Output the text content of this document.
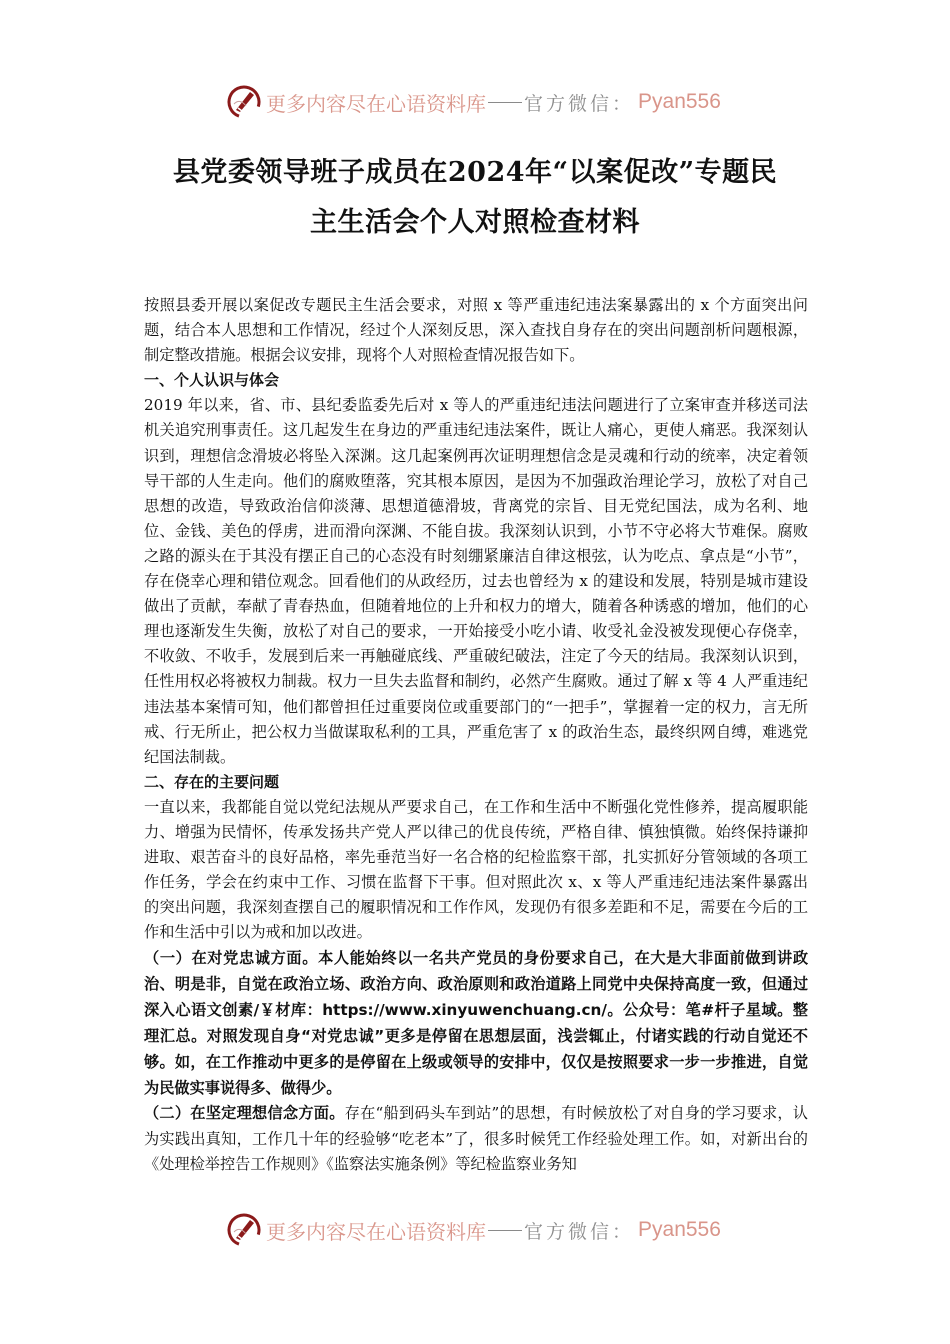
更多内容尽在心语资料库 官方微信： Pyan556
县党委领导班子成员在2024年“以案促改”专题民
主生活会个人对照检查材料

按照县委开展以案促改专题民主生活会要求，对照 x 等严重违纪违法案暴露出的 x 个方面突出问题，结合本人思想和工作情况，经过个人深刻反思，深入查找自身存在的突出问题剖析问题根源，制定整改措施。根据会议安排，现将个人对照检查情况报告如下。

一、个人认识与体会

2019 年以来，省、市、县纪委监委先后对 x 等人的严重违纪违法问题进行了立案审查并移送司法机关追究刑事责任。这几起发生在身边的严重违纪违法案件，既让人痛心，更使人痛恶。我深刻认识到，理想信念滑坡必将坠入深渊。这几起案例再次证明理想信念是灵魂和行动的统率，决定着领导干部的人生走向。他们的腐败堕落，究其根本原因，是因为不加强政治理论学习，放松了对自己思想的改造，导致政治信仰淡薄、思想道德滑坡，背离党的宗旨、目无党纪国法，成为名利、地位、金钱、美色的俘虏，进而滑向深渊、不能自拔。我深刻认识到，小节不守必将大节难保。腐败之路的源头在于其没有摆正自己的心态没有时刻绷紧廉洁自律这根弦，认为吃点、拿点是“小节”，存在侥幸心理和错位观念。回看他们的从政经历，过去也曾经为 x 的建设和发展，特别是城市建设做出了贡献，奉献了青春热血，但随着地位的上升和权力的增大，随着各种诱惑的增加，他们的心理也逐渐发生失衡，放松了对自己的要求，一开始接受小吃小请、收受礼金没被发现便心存侥幸，不收敛、不收手，发展到后来一再触碰底线、严重破纪破法，注定了今天的结局。我深刻认识到，任性用权必将被权力制裁。权力一旦失去监督和制约，必然产生腐败。通过了解 x 等 4 人严重违纪违法基本案情可知，他们都曾担任过重要岗位或重要部门的“一把手”，掌握着一定的权力，言无所戒、行无所止，把公权力当做谋取私利的工具，严重危害了 x 的政治生态，最终织网自缚，难逃党纪国法制裁。

二、存在的主要问题

一直以来，我都能自觉以党纪法规从严要求自己，在工作和生活中不断强化党性修养，提高履职能力、增强为民情怀，传承发扬共产党人严以律己的优良传统，严格自律、慎独慎微。始终保持谦抑进取、艰苦奋斗的良好品格，率先垂范当好一名合格的纪检监察干部，扎实抓好分管领域的各项工作任务，学会在约束中工作、习惯在监督下干事。但对照此次 x、x 等人严重违纪违法案件暴露出的突出问题，我深刻查摆自己的履职情况和工作作风，发现仍有很多差距和不足，需要在今后的工作和生活中引以为戒和加以改进。

（一）在对党忠诚方面。本人能始终以一名共产党员的身份要求自己，在大是大非面前做到讲政治、明是非，自觉在政治立场、政治方向、政治原则和政治道路上同党中央保持高度一致，但通过深入心语文创素/￥材库：https://www.xinyuwenchuang.cn/。公众号：笔#杆子星域。整理汇总。对照发现自身“对党忠诚”更多是停留在思想层面，浅尝辄止，付诸实践的行动自觉还不够。如，在工作推动中更多的是停留在上级或领导的安排中，仅仅是按照要求一步一步推进，自觉为民做实事说得多、做得少。

（二）在坚定理想信念方面。存在“船到码头车到站”的思想，有时候放松了对自身的学习要求，认为实践出真知，工作几十年的经验够“吃老本”了，很多时候凭工作经验处理工作。如，对新出台的《处理检举控告工作规则》《监察法实施条例》等纪检监察业务知

更多内容尽在心语资料库 官方微信： Pyan556
